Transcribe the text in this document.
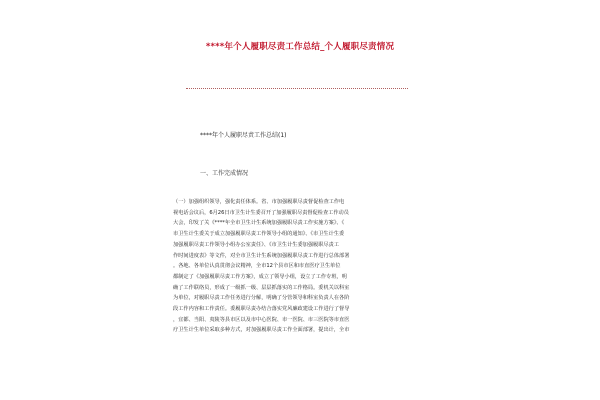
****年个人履职尽责工作总结_个人履职尽责情况
****年个人履职尽责工作总结(1)
一、工作完成情况
（一）加强组织领导，强化责任体系。省、市加强履职尽责督促检查工作电
视电话会议后，6月26日市卫生计生委召开了加强履职尽责督促检查工作动员
大会，印发了关《****年全市卫生计生系统加强履职尽责工作实施方案》、《
市卫生计生委关于成立加强履职尽责工作领导小组的通知》、《市卫生计生委
加强履职尽责工作领导小组办公室责任》、《市卫生计生委加强履职尽责工
作时间进度表》等文件，对全市卫生计生系统加强履职尽责工作进行总体部署
。各地、各单位认真贯彻会议精神，全市12个县市区和市直医疗卫生单位
都制定了《加强履职尽责工作方案》，成立了领导小组，设立了工作专班，明
确了工作联络员，形成了一级抓一级、层层抓落实的工作格局。委机关以科室
为单位，对履职尽责工作任务进行分解，明确了分管领导和科室负责人在各阶
段工作内容和工作责任。委履职尽责办结合落实党风廉政建设工作进行了督导
，宜都、当阳、夷陵等县市区以及市中心医院、市一医院、市三医院等市直医
疗卫生计生单位采取多种方式，对加强履职尽责工作全面部署，提出计，全市
